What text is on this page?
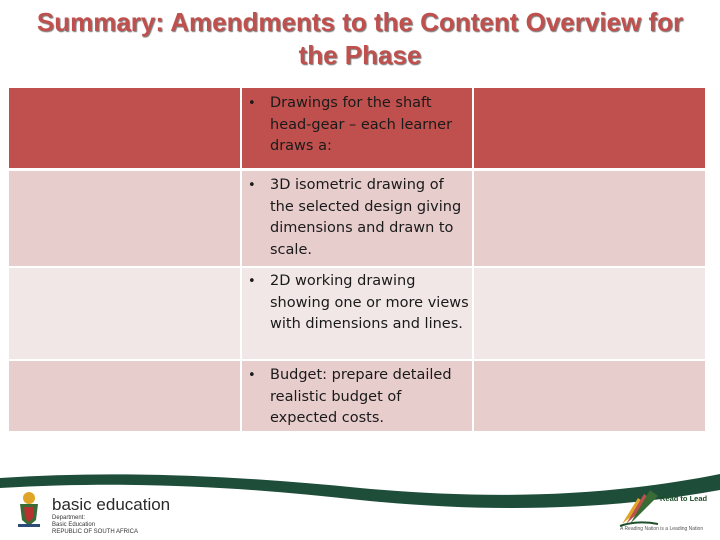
Summary: Amendments to the Content Overview for
the Phase
• Drawings for the shaft head-gear – each learner draws a:
• 3D isometric drawing of the selected design giving dimensions and drawn to scale.
• 2D working drawing showing one or more views with dimensions and lines.
• Budget: prepare detailed realistic budget of expected costs.
basic education
Department:
Basic Education
REPUBLIC OF SOUTH AFRICA
Read to Lead
A Reading Nation is a Leading Nation
